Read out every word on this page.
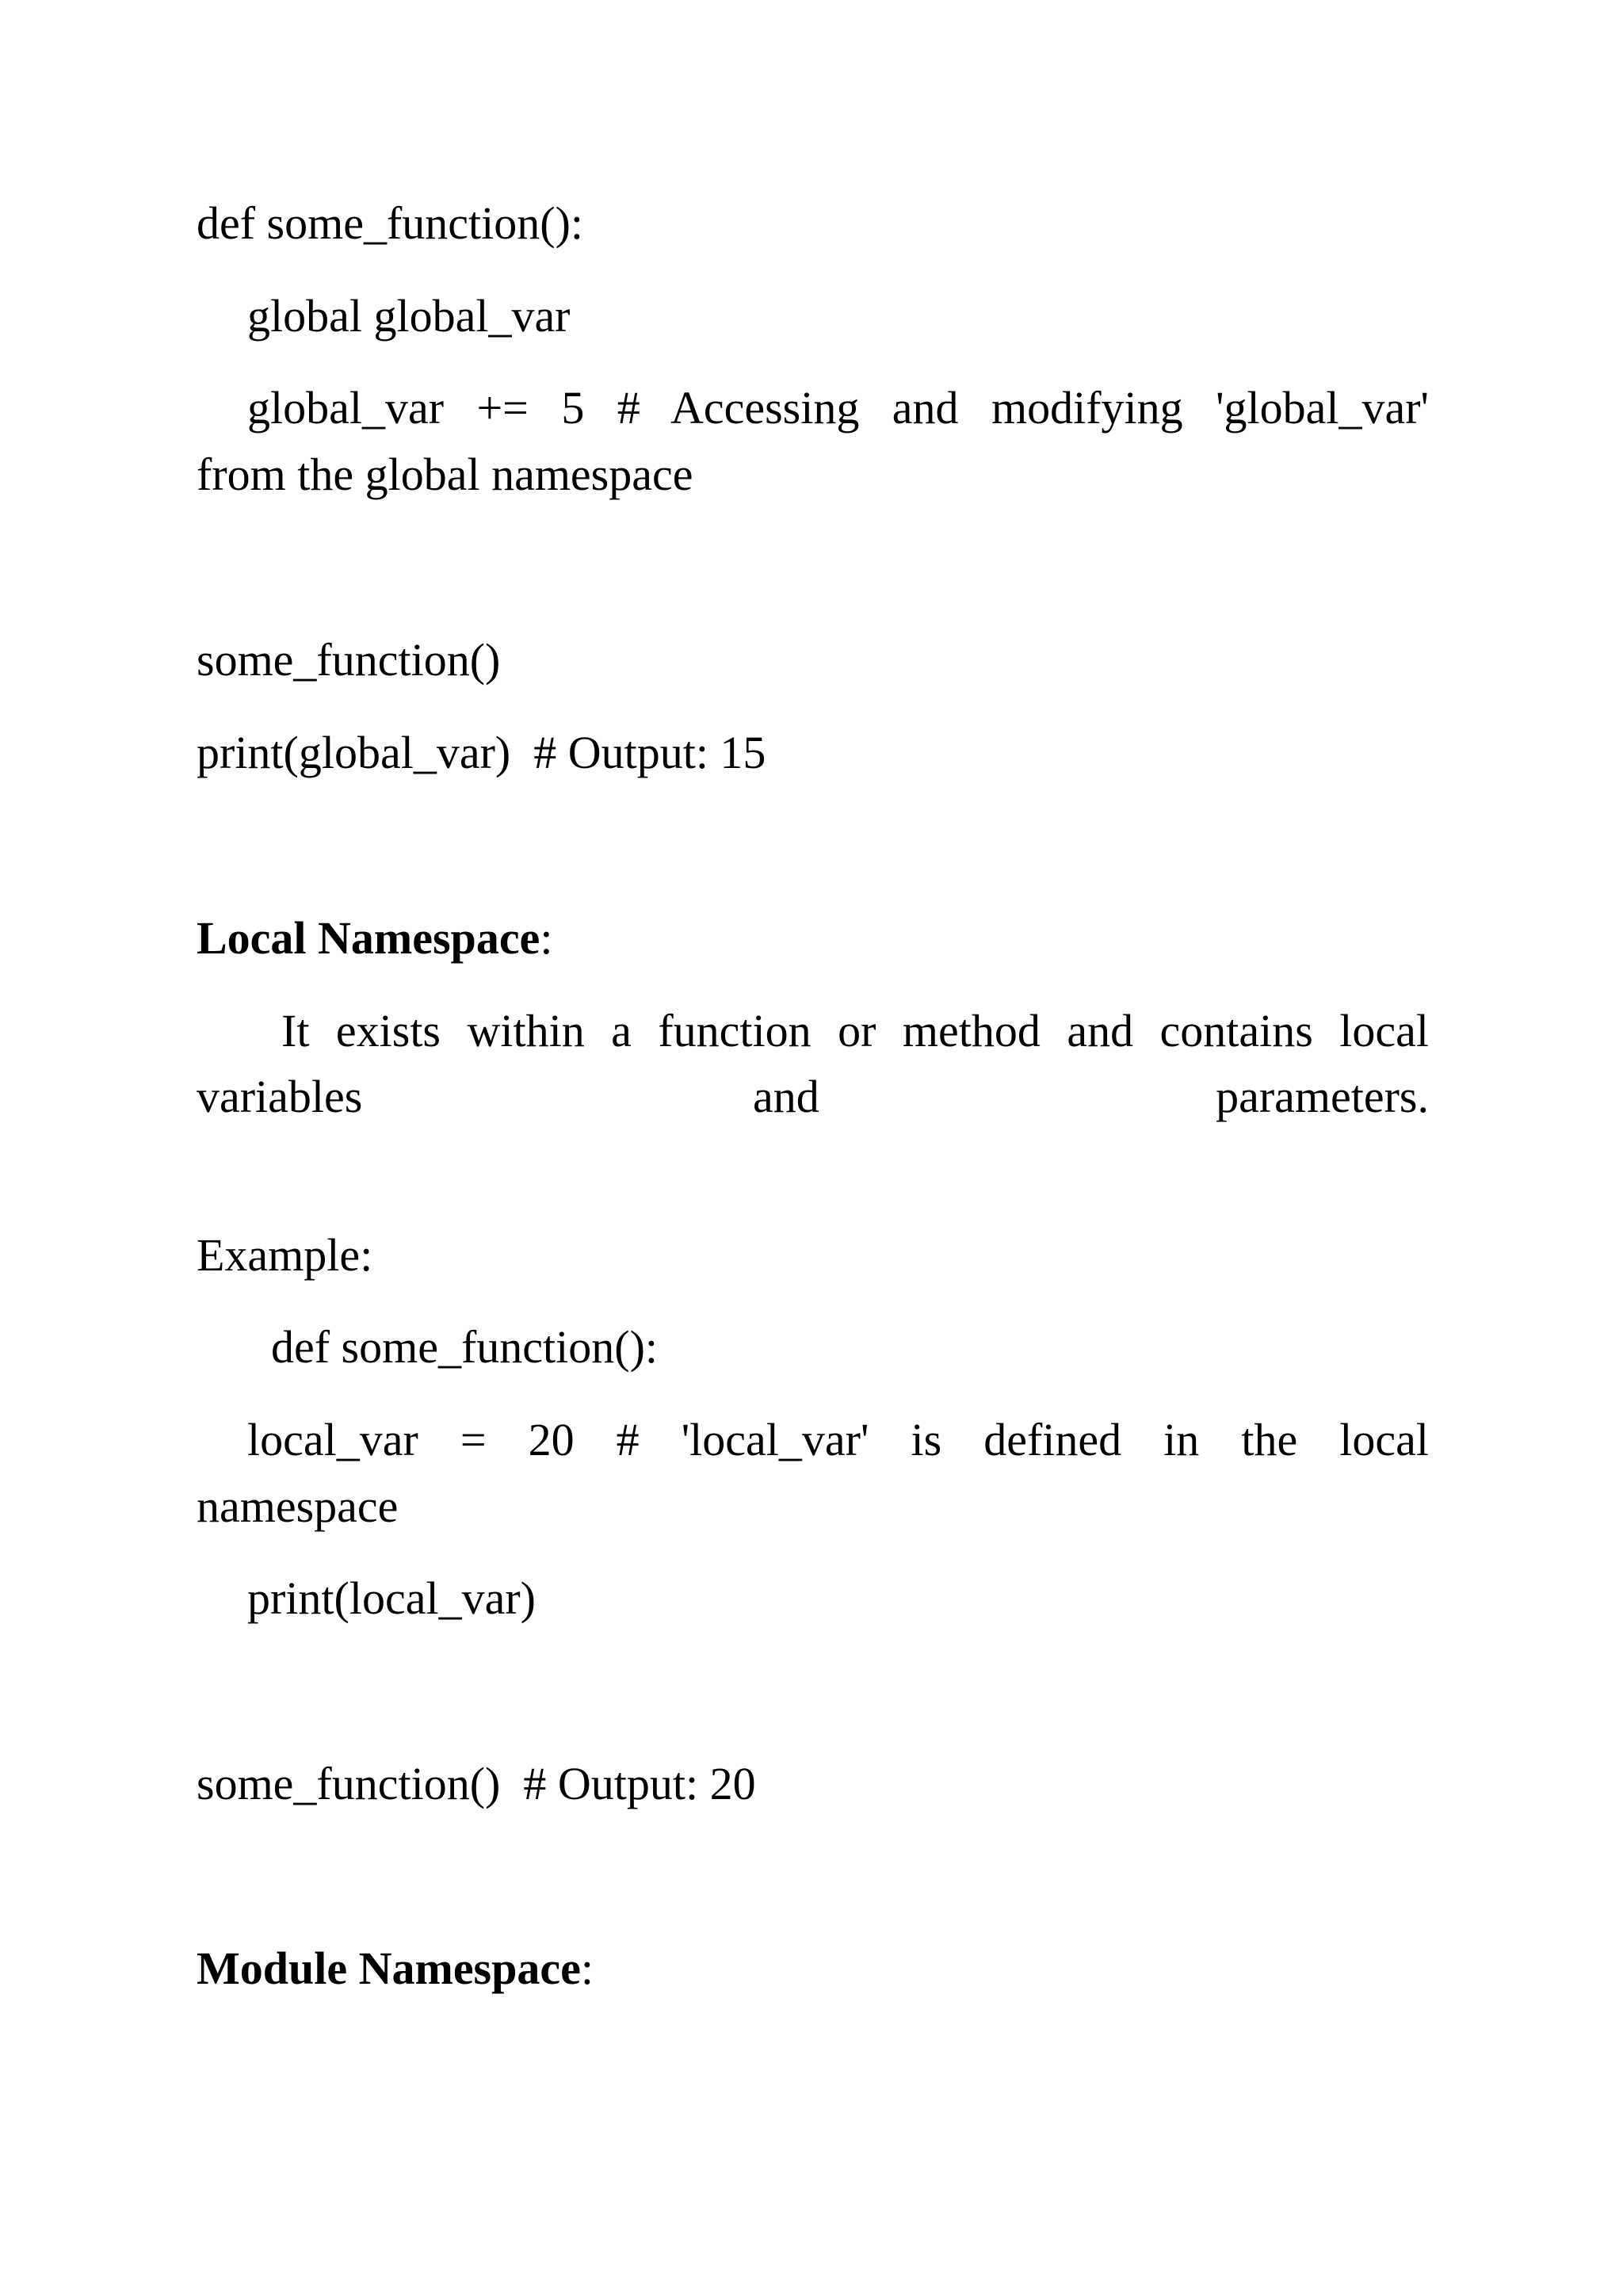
def some_function():
global global_var
global_var += 5 # Accessing and modifying 'global_var'
from the global namespace
some_function()
print(global_var)  # Output: 15
Local Namespace:
It exists within a function or method and contains local
variables	and	parameters.
Example:
def some_function():
local_var = 20 # 'local_var' is defined in the local
namespace
print(local_var)
some_function()  # Output: 20
Module Namespace:
